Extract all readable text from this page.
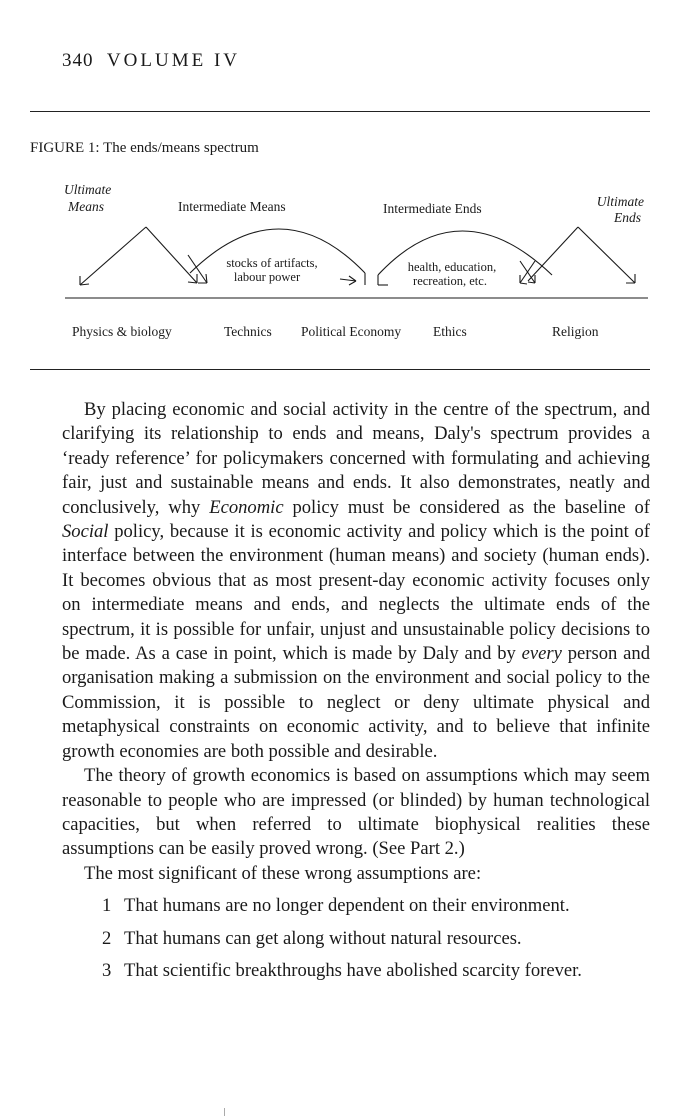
340 VOLUME IV
FIGURE 1: The ends/means spectrum
Ultimate
Means	Intermediate Means	Intermediate Ends	Ultimate
Ends
stocks of artifacts,
labour power
health, education,
recreation, etc.
Physics & biology	Technics Political Economy Ethics	Religion

By placing economic and social activity in the centre of the spectrum, and clarifying its relationship to ends and means, Daly's spectrum provides a ‘ready reference’ for policymakers concerned with formulating and achieving fair, just and sustainable means and ends. It also demonstrates, neatly and conclusively, why Economic policy must be considered as the baseline of Social policy, because it is economic activity and policy which is the point of interface between the environment (human means) and society (human ends). It becomes obvious that as most present-day economic activity focuses only on intermediate means and ends, and neglects the ultimate ends of the spectrum, it is possible for unfair, unjust and unsustainable policy decisions to be made. As a case in point, which is made by Daly and by every person and organisation making a submission on the environment and social policy to the Commission, it is possible to neglect or deny ultimate physical and metaphysical constraints on economic activity, and to believe that infinite growth economies are both possible and desirable.

The theory of growth economics is based on assumptions which may seem reasonable to people who are impressed (or blinded) by human technological capacities, but when referred to ultimate biophysical realities these assumptions can be easily proved wrong. (See Part 2.)

The most significant of these wrong assumptions are:

1 That humans are no longer dependent on their environment.
2 That humans can get along without natural resources.
3 That scientific breakthroughs have abolished scarcity forever.
